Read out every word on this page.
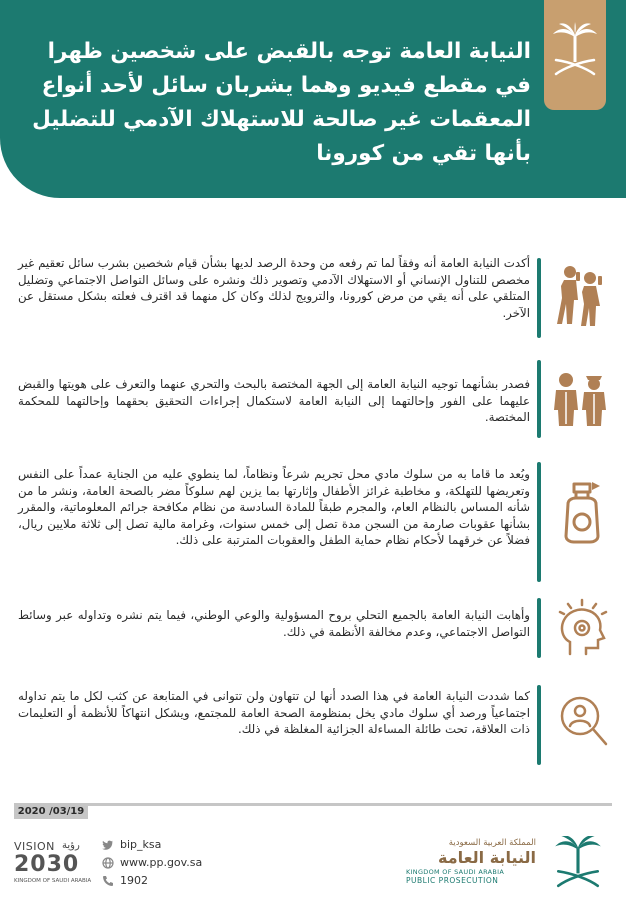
النيابة العامة توجه بالقبض على شخصين ظهرا في مقطع فيديو وهما يشربان سائل لأحد أنواع المعقمات غير صالحة للاستهلاك الآدمي للتضليل بأنها تقي من كورونا

أكدت النيابة العامة أنه وفقاً لما تم رفعه من وحدة الرصد لديها بشأن قيام شخصين بشرب سائل تعقيم غير مخصص للتناول الإنساني أو الاستهلاك الآدمي وتصوير ذلك ونشره على وسائل التواصل الاجتماعي وتضليل المتلقي على أنه يقي من مرض كورونا، والترويج لذلك وكان كل منهما قد اقترف فعلته بشكل مستقل عن الآخر.

فصدر بشأنهما توجيه النيابة العامة إلى الجهة المختصة بالبحث والتحري عنهما والتعرف على هويتها والقبض عليهما على الفور وإحالتهما إلى النيابة العامة لاستكمال إجراءات التحقيق بحقهما وإحالتهما للمحكمة المختصة.

ويُعد ما قاما به من سلوك مادي محل تجريم شرعاً ونظاماً، لما ينطوي عليه من الجناية عمداً على النفس وتعريضها للتهلكة، و مخاطبة غرائز الأطفال وإثارتها بما يزين لهم سلوكاً مضر بالصحة العامة، ونشر ما من شأنه المساس بالنظام العام، والمجرم طبقاً للمادة السادسة من نظام مكافحة جرائم المعلوماتية، والمقرر بشأنها عقوبات صارمة من السجن مدة تصل إلى خمس سنوات، وغرامة مالية تصل إلى ثلاثة ملايين ريال، فضلاً عن خرقهما لأحكام نظام حماية الطفل والعقوبات المترتبة على ذلك.

وأهابت النيابة العامة بالجميع التحلي بروح المسؤولية والوعي الوطني، فيما يتم نشره وتداوله عبر وسائط التواصل الاجتماعي، وعدم مخالفة الأنظمة في ذلك.

كما شددت النيابة العامة في هذا الصدد أنها لن تتهاون ولن تتوانى في المتابعة عن كثب لكل ما يتم تداوله اجتماعياً ورصد أي سلوك مادي يخل بمنظومة الصحة العامة للمجتمع، ويشكل انتهاكاً للأنظمة أو التعليمات ذات العلاقة، تحت طائلة المساءلة الجزائية المغلظة في ذلك.

2020 /03/19
VISION رؤية
2030
KINGDOM OF SAUDI ARABIA
bip_ksa
www.pp.gov.sa
1902
المملكة العربية السعودية
النيابة العامة
KINGDOM OF SAUDI ARABIA
PUBLIC PROSECUTION
